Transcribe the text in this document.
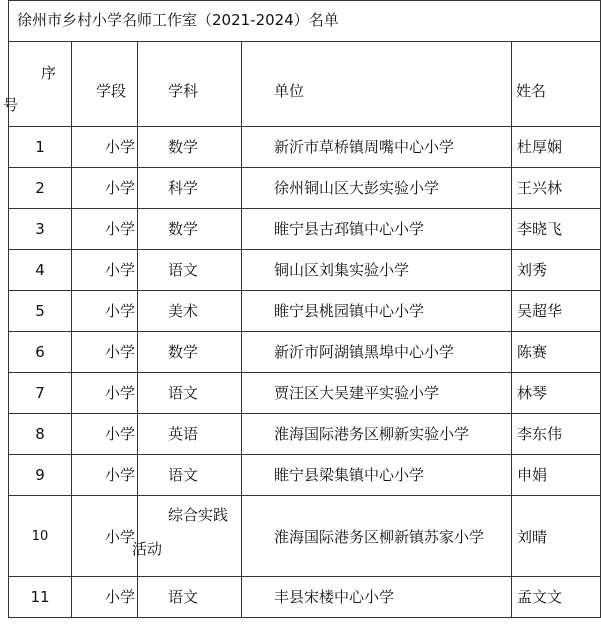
徐州市乡村小学名师工作室（2021-2024）名单				

序
号	学段	学科	单位	姓名

1	小学	数学	新沂市草桥镇周嘴中心小学	杜厚娴
2	小学	科学	徐州铜山区大彭实验小学	王兴林
3	小学	数学	睢宁县古邳镇中心小学	李晓飞
4	小学	语文	铜山区刘集实验小学	刘秀
5	小学	美术	睢宁县桃园镇中心小学	吴超华
6	小学	数学	新沂市阿湖镇黑埠中心小学	陈赛
7	小学	语文	贾汪区大吴建平实验小学	林琴
8	小学	英语	淮海国际港务区柳新实验小学	李东伟
9	小学	语文	睢宁县梁集镇中心小学	申娟

10	小学	综合实践
活动	淮海国际港务区柳新镇苏家小学	刘晴

11	小学	语文	丰县宋楼中心小学	孟文文
